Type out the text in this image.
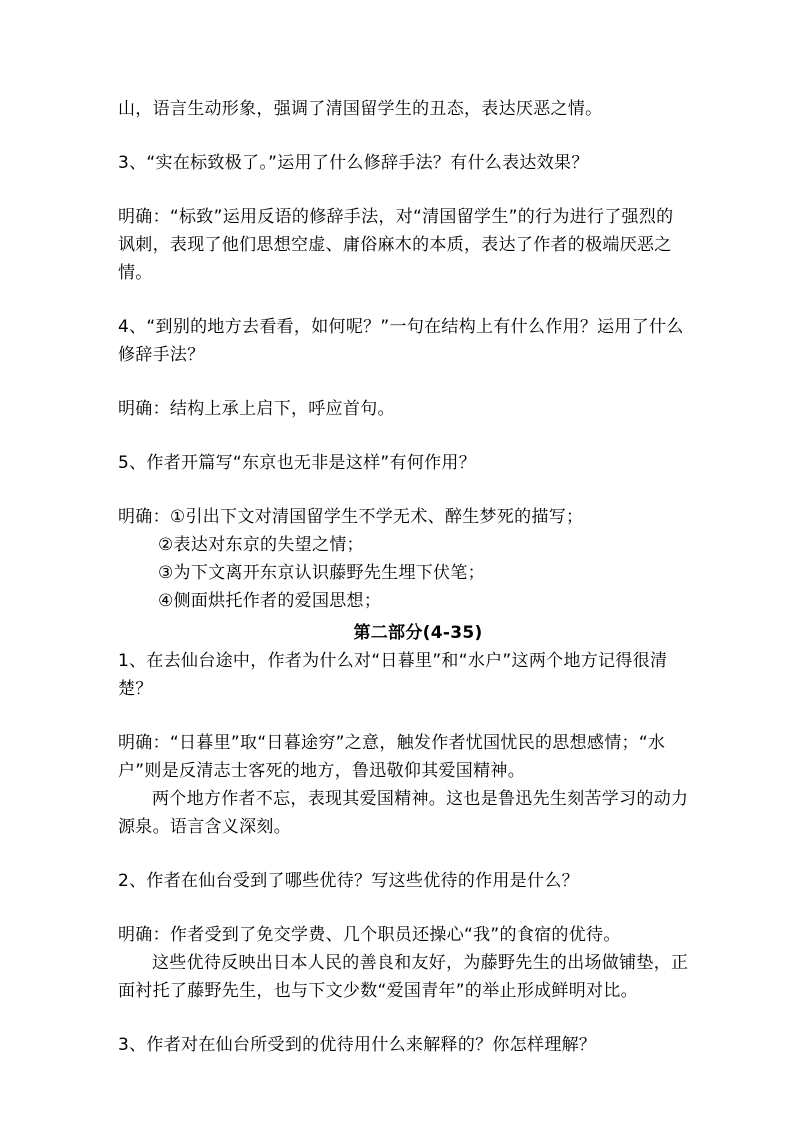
山，语言生动形象，强调了清国留学生的丑态，表达厌恶之情。

3、“实在标致极了。”运用了什么修辞手法？有什么表达效果？

明确：“标致”运用反语的修辞手法，对“清国留学生”的行为进行了强烈的讽刺，表现了他们思想空虚、庸俗麻木的本质，表达了作者的极端厌恶之情。

4、“到别的地方去看看，如何呢？”一句在结构上有什么作用？运用了什么修辞手法？

明确：结构上承上启下，呼应首句。

5、作者开篇写“东京也无非是这样”有何作用？

明确：①引出下文对清国留学生不学无术、醉生梦死的描写；

②表达对东京的失望之情；

③为下文离开东京认识藤野先生埋下伏笔；

④侧面烘托作者的爱国思想；

第二部分(4-35)

1、在去仙台途中，作者为什么对“日暮里”和“水户”这两个地方记得很清楚？

明确：“日暮里”取“日暮途穷”之意，触发作者忧国忧民的思想感情；“水户”则是反清志士客死的地方，鲁迅敬仰其爱国精神。

两个地方作者不忘，表现其爱国精神。这也是鲁迅先生刻苦学习的动力源泉。语言含义深刻。

2、作者在仙台受到了哪些优待？写这些优待的作用是什么？

明确：作者受到了免交学费、几个职员还操心“我”的食宿的优待。

这些优待反映出日本人民的善良和友好，为藤野先生的出场做铺垫，正面衬托了藤野先生，也与下文少数“爱国青年”的举止形成鲜明对比。

3、作者对在仙台所受到的优待用什么来解释的？你怎样理解？
